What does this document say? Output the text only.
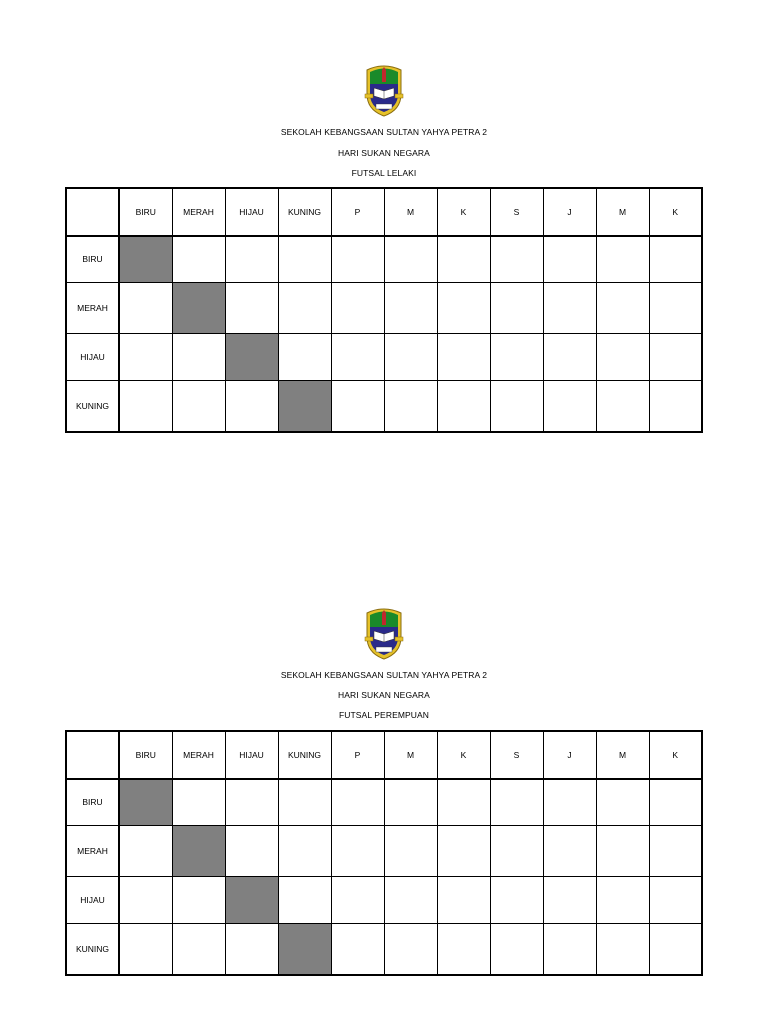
SEKOLAH KEBANGSAAN SULTAN YAHYA PETRA 2
HARI SUKAN NEGARA
FUTSAL LELAKI
	BIRU	MERAH	HIJAU	KUNING	P	M	K	S	J	M	K
BIRU											
MERAH											
HIJAU											
KUNING											
SEKOLAH KEBANGSAAN SULTAN YAHYA PETRA 2
HARI SUKAN NEGARA
FUTSAL PEREMPUAN
	BIRU	MERAH	HIJAU	KUNING	P	M	K	S	J	M	K
BIRU											
MERAH											
HIJAU											
KUNING											
